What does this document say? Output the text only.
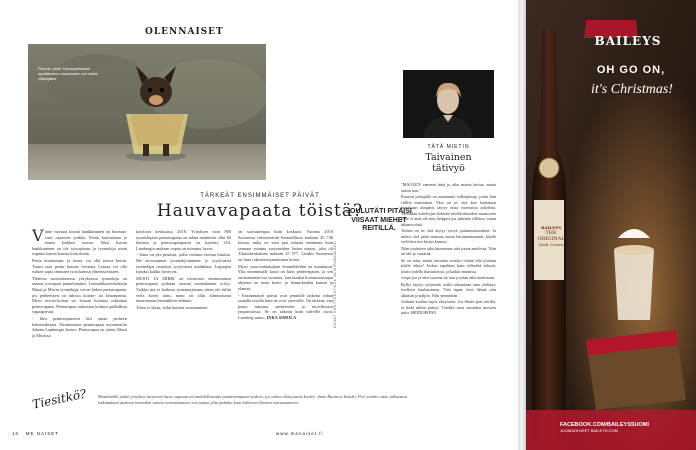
OLENNAISET
Piccolo, pitsi! Koiraopetuksen opettamisen osaaminen voi vieda viikkojakin.
TÄRKEÄT ENSIMMÄISET PÄIVÄT
Hauvavapaata töistä?

Viime vuosina koiran hankkiminen on huomaa- vasti osaavien joukko. Pentu kotiutetaan jo ennen kaikkea seuraa. Siksi koiran hankkiminen on ole tyosopimus ja tyontekija usein sopinut koiran kanssa kuin ilman.

Pentu kotiutetaan, ja tietaa, voi olla toivoa kotiin. Tutusi uusi pentu kotona vieraina. Lomaa voi olla vaikea sopia ihmisten tyon kanssa yhteensovittaen.

Yhdessa suomalaisessa yrityksessa tyontekija on saanut tyovapaat pentulomaksi. Lemmikkitarvikeketju Musti ja Mirrin tyontekijat voivat hakea pentuvapaata, jos perheeseen on tulossa koiran- tai kissanpentu. Myos rescue-koiran tai -kissan kotiutus oikeuttaa pentuvapaan. Pentuvapaa tarkoittaa kolmea palkallista vapaapaivaa.

- Idea pentuvapaaseen tuli oman perheen kokemuksesta. Ensimmaiset pentuvapaat myonnettiin Juhana Lambergin kertoo. Pentuvapaa on otettu Musti ja Mirrissa

kayttoon keskuussa 2018. Yrityksen noin 800 tyontekijasta pentuvapaata on tahan mennessa ollut 84 ihmista ja pentuvapaapaivia on kaytetty 254. Lambergin mukaan vapaa on toiminut hyvin.

- Tama on yks pienista, joilla voidaan erottua ihmisia. Me arvostamme tyontekijoitamme, ja tyytyvaiset tyontekijat tuottavat tyytyvaisia asiakkaita. Loppujen lopuksi kaikki hyotyvat.

MUSTI JA MIRRI on tiettavasti ensimmainen pentuvapaan tyoltaan ottanut suomalainen yritys. Vaikka sita ei kaikista tyonantajistaan sitten ole tullut viela kovin tuttu, moni on ollut kiinnostunut nimeomaan lemmikkien tehtaita.

Tuloa ei yhtaa, sillai koirien omistaminen

on suosituimpaa kuin koskaan. Vuonna 2018 Suomessa rekisteroitiin Kennelliiton mukaan 45 748 koiraa, mika on vain pari tuhatta enemman kuin samana vuonna syntyneiden lasten maara, joka oli Tilastokeskuksen mukaan 47 577. Lisaksi Suomessa on lisaa rekisteroitymattomia koiria.

Myos vuorovaikutuksen lemmikkeihin on muuttunut. Yha useammalle koira on kuin perheenjasen, ja sen omistaminen tuo vastuuta, kun kunkin koiranomistajan ohjeena on taata hoito- ja lemmikeiden kanssa ja elamaa.

- Ensimmaiset paivat ovat pennulle tarkeita vahan samalla tavalla kuin ne ovat vauvoille. On tarkeaa, etta pentu tutustuu perheeseen ja turvallisessa ymparistossa. Se on tarkeaa kuin tuleville tavat, Lamberg sanoo. INKA SIMOLA	KUVAT SHUTTERSTOCK JA MIRANDA AHO
Tiesitkö? Maailmalla jotkin yritykset tarjoavat myos vapaata tai mahdollisuutta puuttuvampaan tyohon, jos vakea elainystava kuolee. Anne Business Insider. Perl voinho otten julkaistun tutkimuksen mukaan lemmikin vakava sairastuminen voi tuntua yhta pahalta kuin lahiesen ihmisen sairastuminen.
10 ME NAISET	www.menaiset.fi
TÄTÄ MIETIN
Taivainen
tätivyö
JOULUTÄTI PITÄISI VIISAAT MIEHET REITILLÄ.

"MÄOLEN vanneut tästä jo aika monta kertaa, mutta sanon taas."

Kuoron johtajalla on muutamia valkojuttuja, joista hän väliltä muistuttaa. Yksi on se, että kun laulettaan aseteltaan alaspäin, täytyy ottaa varovaisia askeleita. Varsinkin esiteltyjen kohtien sävelkorkeuden muutosten ja se ei aina ole niin helppoa jos näköala vilkkuu, sinun aikansa ehtii.

Toinen on se, että täytyy syöyä joulumuistutukset. Ja mietti, että pitää muistaa sanoa loittumattomasti, käydä vielä kiertosi kirjan kanssa...

Näin jouluisen aika huomenna oitä jotain mielessä. Niin on täti ja vastarak.

Se on totta, mutta toisaalta voisiko viidan olla jouluun tilalle oikea? Joskus tapahtuu kuin selkeältä talusta, jotain todella ihastuttavaa, ja kaikki muuttuu.

Joopa joo ja ensi vuonna on taas jouluni aika uudestaan.

Ryllyt täytyy tyhjentää, mikä oikeastaan aina yhdistyy itselleen kuulumiseen. Tätä tapaa, ettei lähteä niin aikaisin ja paljon. Niin ymmärrän.

Jouluun kuuluu myös eksymiset. Jos lähtee pois reitiltä, ei tiedä mihin päätyy. Tästäkö tuon viisaiden miesten juttu. HEIDI HEINO

BAILEYS
OH GO ON,
it's Christmas!
BAILEYS
THE ORIGINAL
Irish Cream
FACEBOOK.COM/BAILEYSSUOMI
JUOMAOHJEET BAILEYS.COM
